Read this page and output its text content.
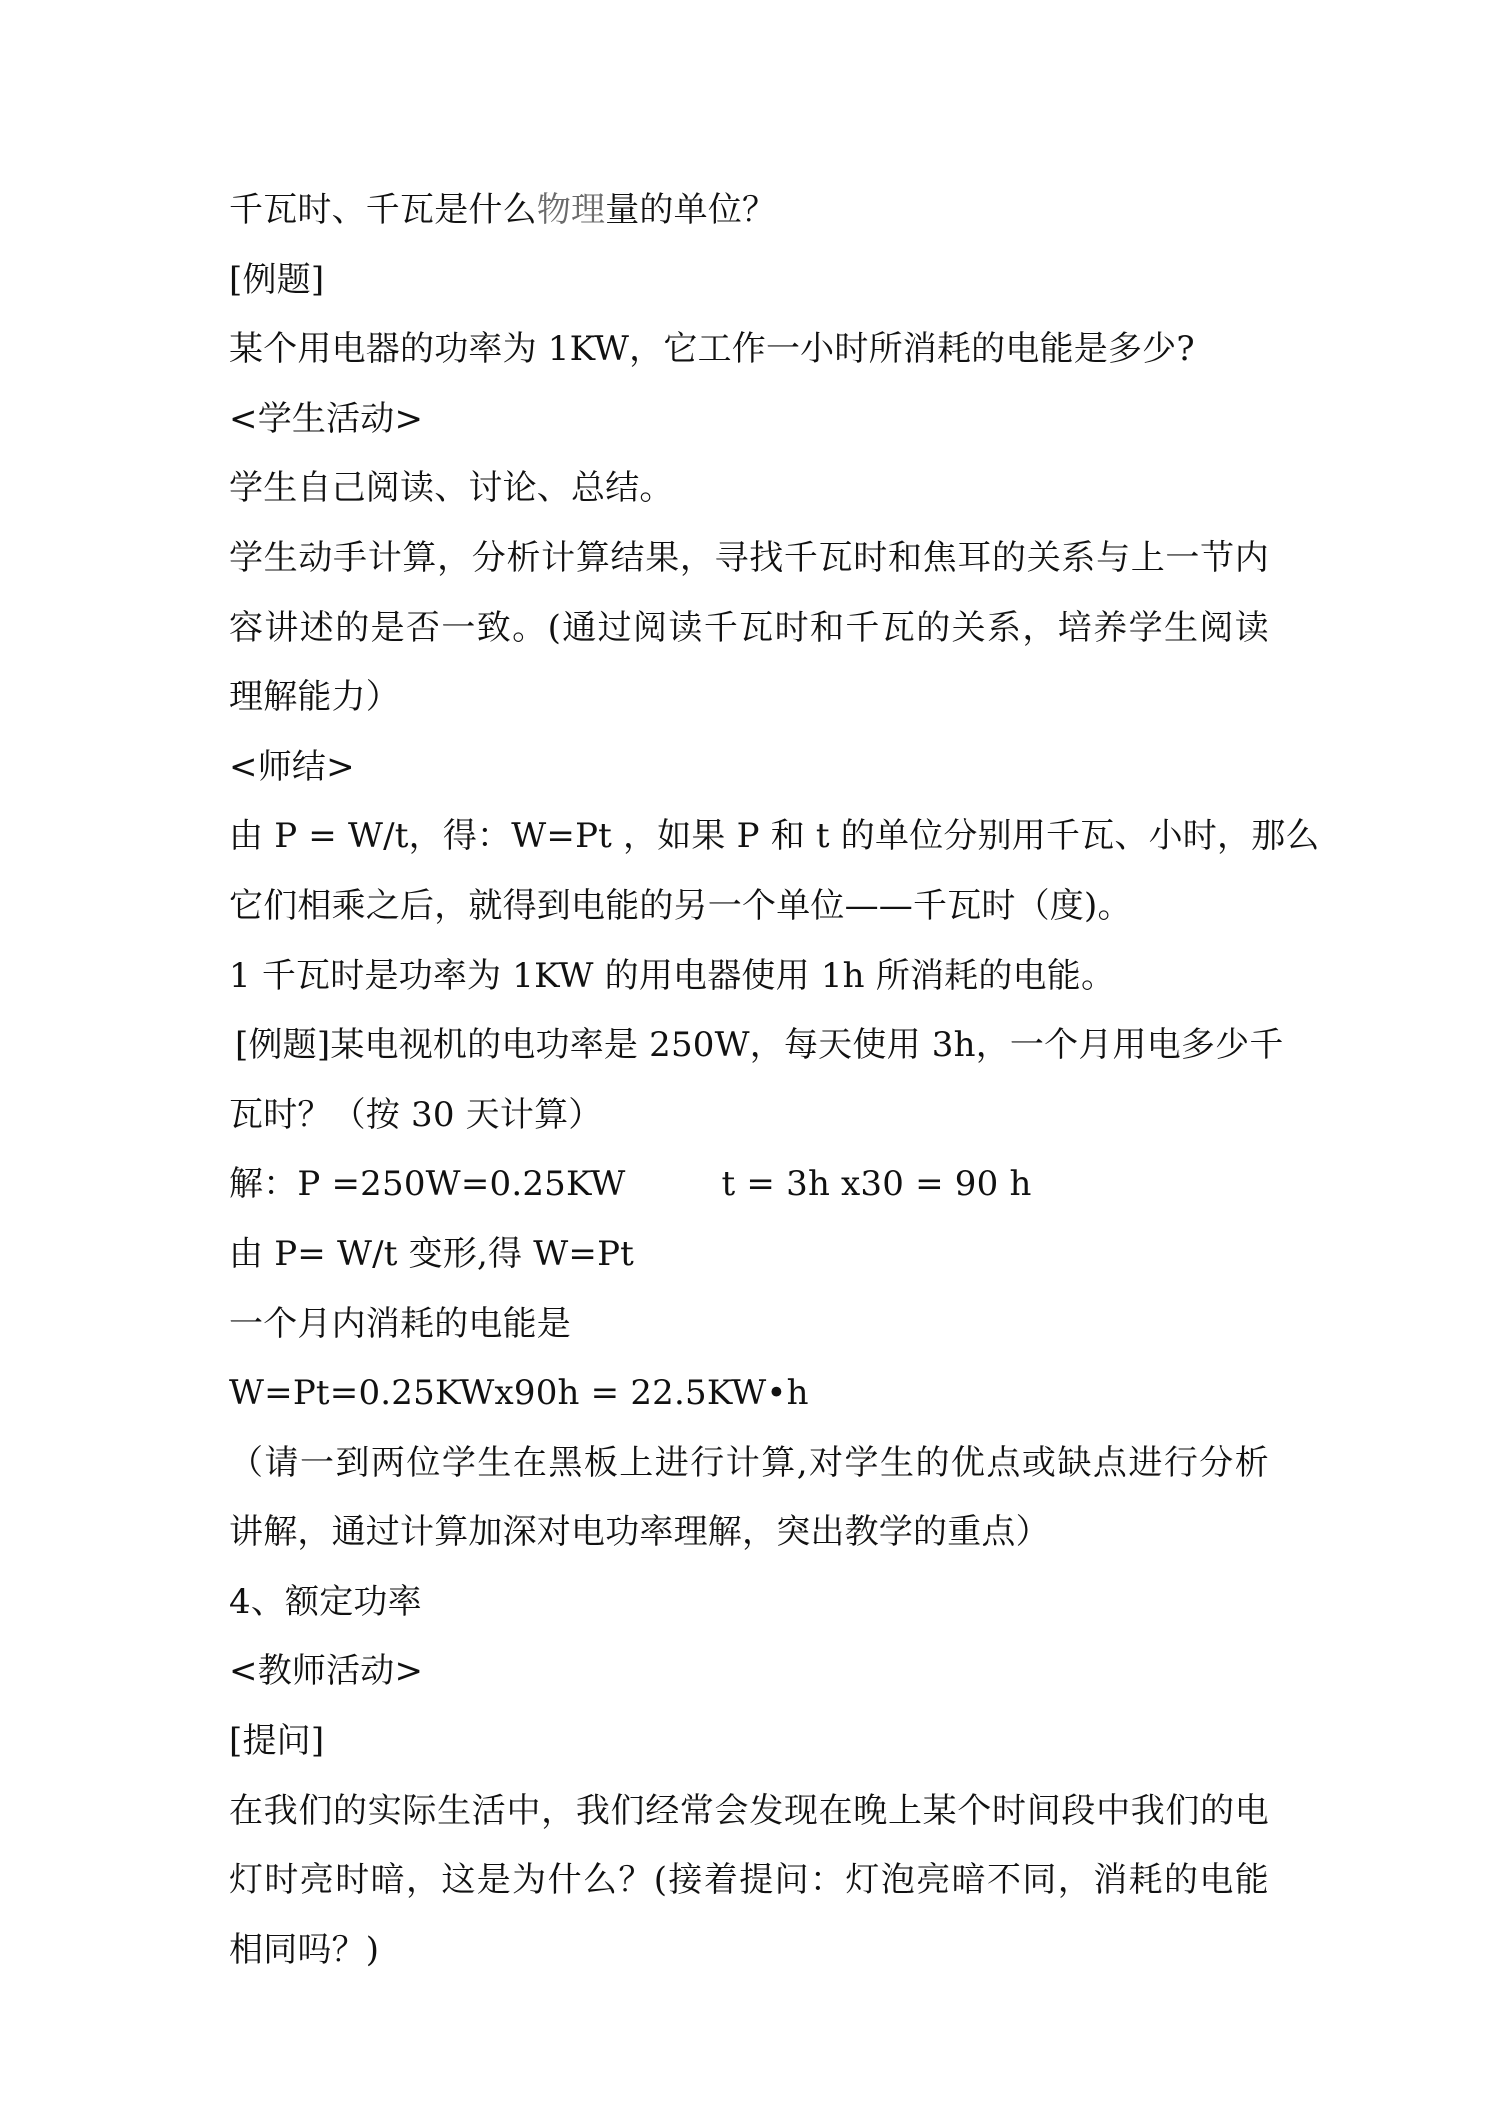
千瓦时、千瓦是什么物理量的单位？
[例题]
某个用电器的功率为 1KW，它工作一小时所消耗的电能是多少?
<学生活动>
学生自己阅读、讨论、总结。
学生动手计算，分析计算结果，寻找千瓦时和焦耳的关系与上一节内
容讲述的是否一致。(通过阅读千瓦时和千瓦的关系，培养学生阅读
理解能力）
<师结>
由 P = W/t，得：W=Pt ，如果 P 和 t 的单位分别用千瓦、小时，那么
它们相乘之后，就得到电能的另一个单位——千瓦时（度)。
1 千瓦时是功率为 1KW 的用电器使用 1h 所消耗的电能。
[例题]某电视机的电功率是 250W，每天使用 3h，一个月用电多少千
瓦时？（按 30 天计算）
解：P =250W=0.25KW	t = 3h x30 = 90 h
由 P= W/t 变形,得 W=Pt
一个月内消耗的电能是
W=Pt=0.25KWx90h = 22.5KW•h
（请一到两位学生在黑板上进行计算,对学生的优点或缺点进行分析
讲解，通过计算加深对电功率理解，突出教学的重点）
4、额定功率
<教师活动>
[提问]
在我们的实际生活中，我们经常会发现在晚上某个时间段中我们的电
灯时亮时暗，这是为什么？(接着提问：灯泡亮暗不同，消耗的电能
相同吗？)
